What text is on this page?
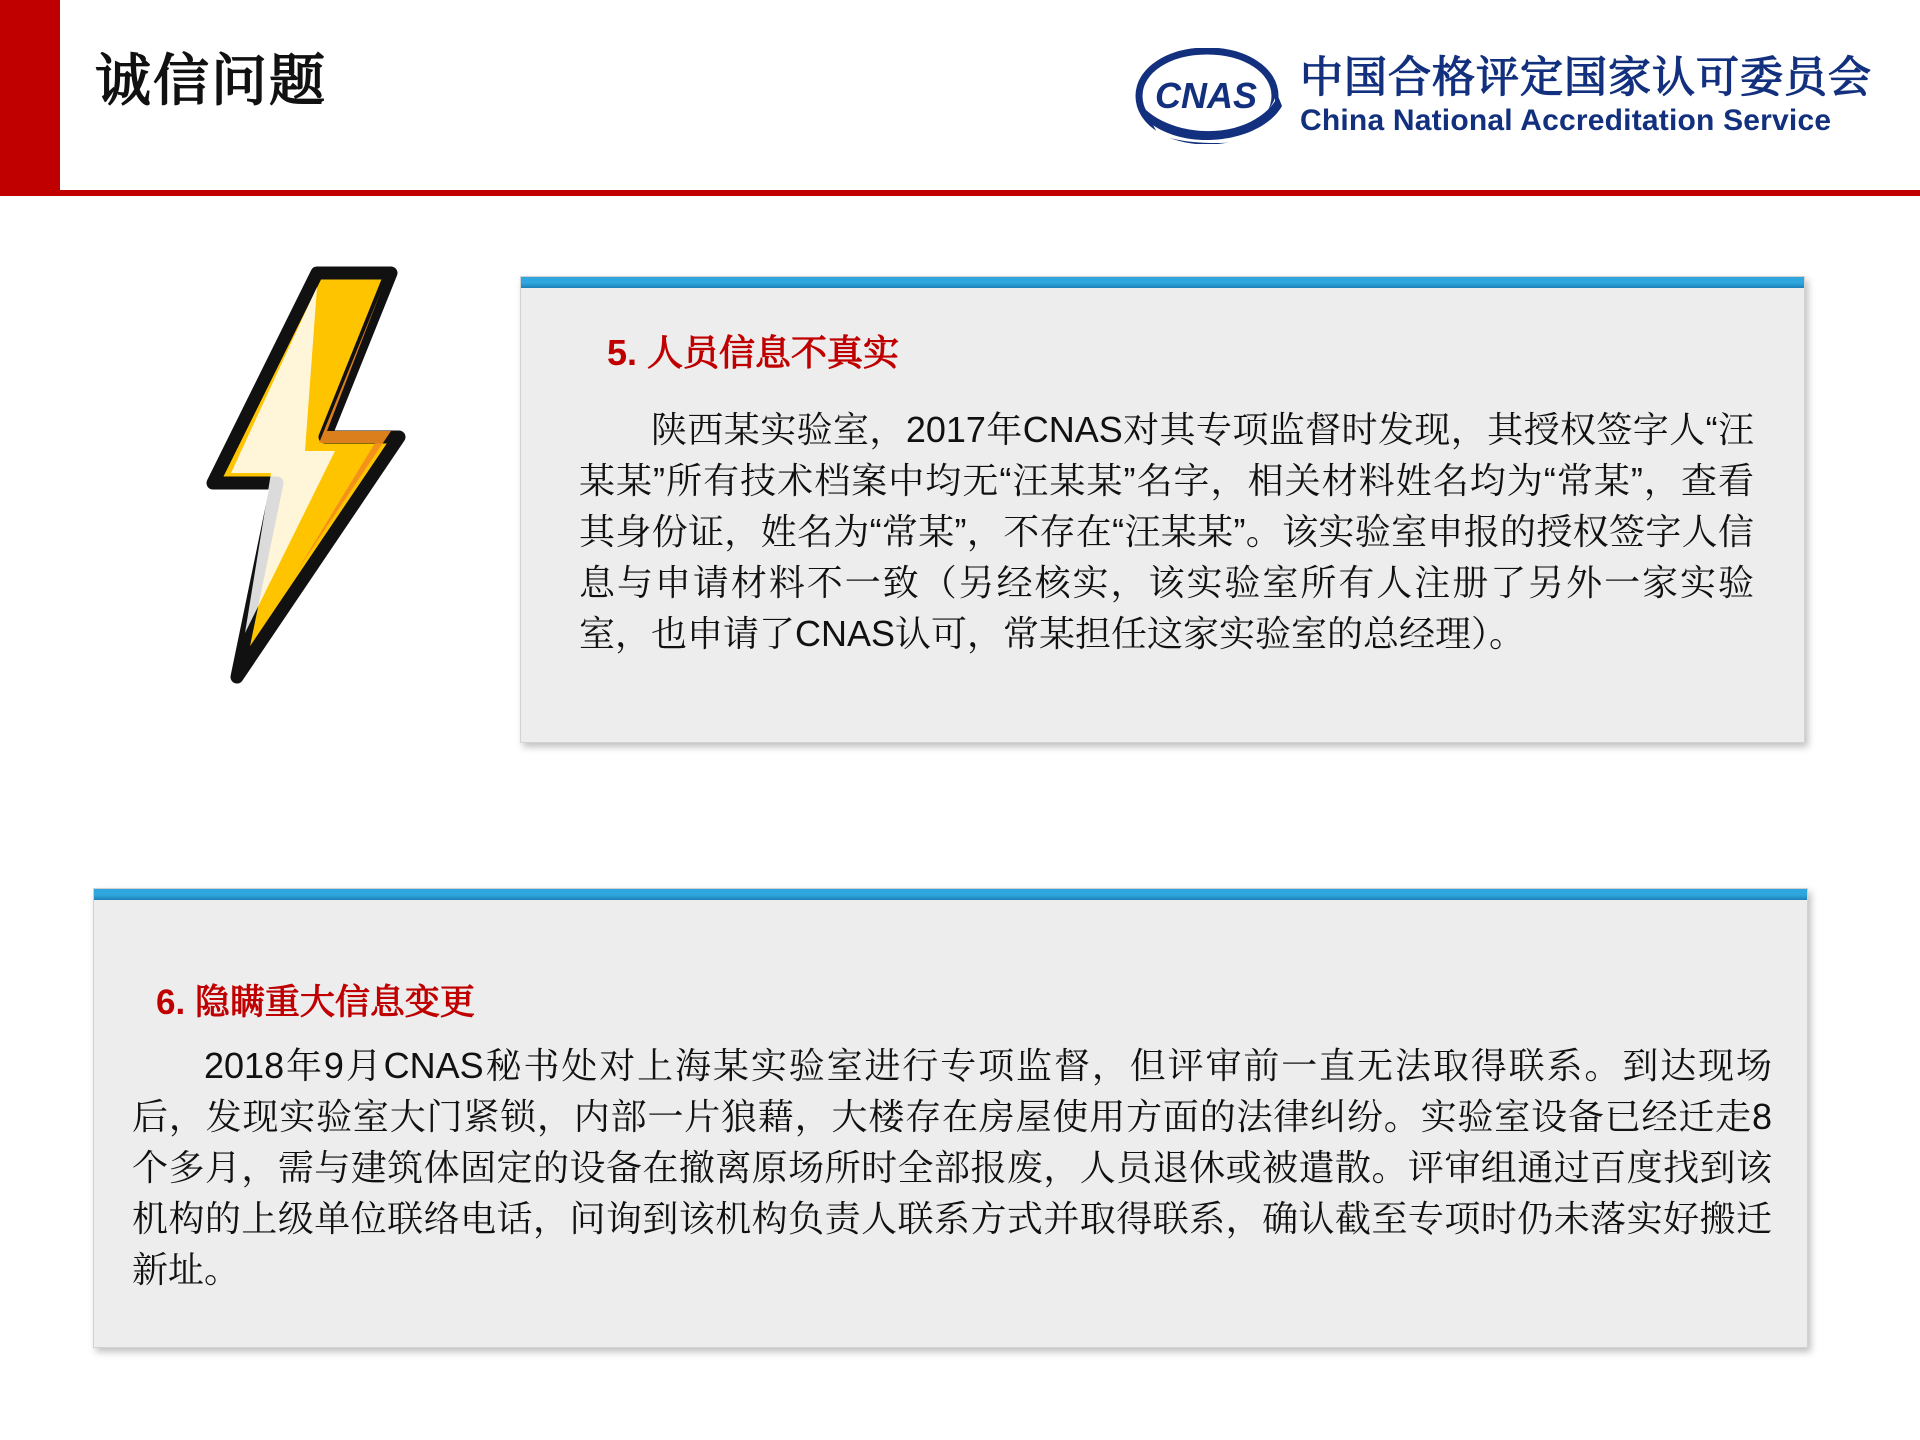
诚信问题	CNAS 中国合格评定国家认可委员会
China National Accreditation Service
5. 人员信息不真实
陕西某实验室，2017年CNAS对其专项监督时发现，其授权签字人“汪某某”所有技术档案中均无“汪某某”名字，相关材料姓名均为“常某”，查看其身份证，姓名为“常某”，不存在“汪某某”。该实验室申报的授权签字人信息与申请材料不一致（另经核实，该实验室所有人注册了另外一家实验室，也申请了CNAS认可，常某担任这家实验室的总经理）。
6. 隐瞒重大信息变更
2018年9月CNAS秘书处对上海某实验室进行专项监督，但评审前一直无法取得联系。到达现场后，发现实验室大门紧锁，内部一片狼藉，大楼存在房屋使用方面的法律纠纷。实验室设备已经迁走8个多月，需与建筑体固定的设备在撤离原场所时全部报废，人员退休或被遣散。评审组通过百度找到该机构的上级单位联络电话，问询到该机构负责人联系方式并取得联系，确认截至专项时仍未落实好搬迁新址。
